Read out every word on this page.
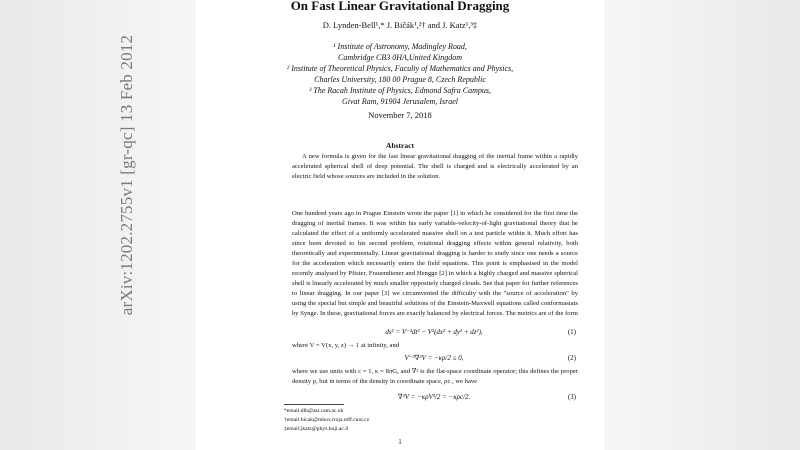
arXiv:1202.2755v1 [gr-qc] 13 Feb 2012
On Fast Linear Gravitational Dragging
D. Lynden-Bell¹,* J. Bičák¹,²† and J. Katz¹,³‡
¹ Institute of Astronomy, Madingley Road,
Cambridge CB3 0HA,United Kingdom
² Institute of Theoretical Physics, Faculty of Mathematics and Physics,
Charles University, 180 00 Prague 8, Czech Republic
³ The Racah Institute of Physics, Edmond Safra Campus,
Givat Ram, 91904 Jerusalem, Israel
November 7, 2018
Abstract
A new formula is given for the fast linear gravitational dragging of the inertial frame within a rapidly accelerated spherical shell of deep potential. The shell is charged and is electrically accelerated by an electric field whose sources are included in the solution.
One hundred years ago in Prague Einstein wrote the paper [1] in which he considered for the first time the dragging of inertial frames. It was within his early variable-velocity-of-light gravitational theory that he calculated the effect of a uniformly accelerated massive shell on a test particle within it. Much effort has since been devoted to his second problem, rotational dragging effects within general relativity, both theoretically and experimentally. Linear gravitational dragging is harder to study since one needs a source for the acceleration which necessarily enters the field equations. This point is emphasised in the model recently analysed by Pfister, Frauendiener and Hengge [2] in which a highly charged and massive spherical shell is linearly accelerated by much smaller oppositely charged clouds. See that paper for further references to linear dragging. In our paper [3] we circumvented the difficulty with the "source of acceleration" by using the special but simple and beautiful solutions of the Einstein-Maxwell equations called conformastats by Synge. In these, gravitational forces are exactly balanced by electrical forces. The metrics are of the form
ds² = V⁻²dt² − V²(dx² + dy² + dz²),	(1)
where V = V(x, y, z) → 1 at infinity, and
V⁻³∇²V = −κρ/2 ≤ 0,	(2)
where we use units with c = 1, κ = 8πG, and ∇² is the flat-space coordinate operator; this defines the proper density ρ, but in terms of the density in coordinate space, ρc , we have
∇²V = −κρV³/2 = −κρc/2.	(3)
*email:dlb@ast.cam.ac.uk
†email:bicak@mbox.troja.mff.cuni.cz
‡email:jkatz@phys.huji.ac.il
1
